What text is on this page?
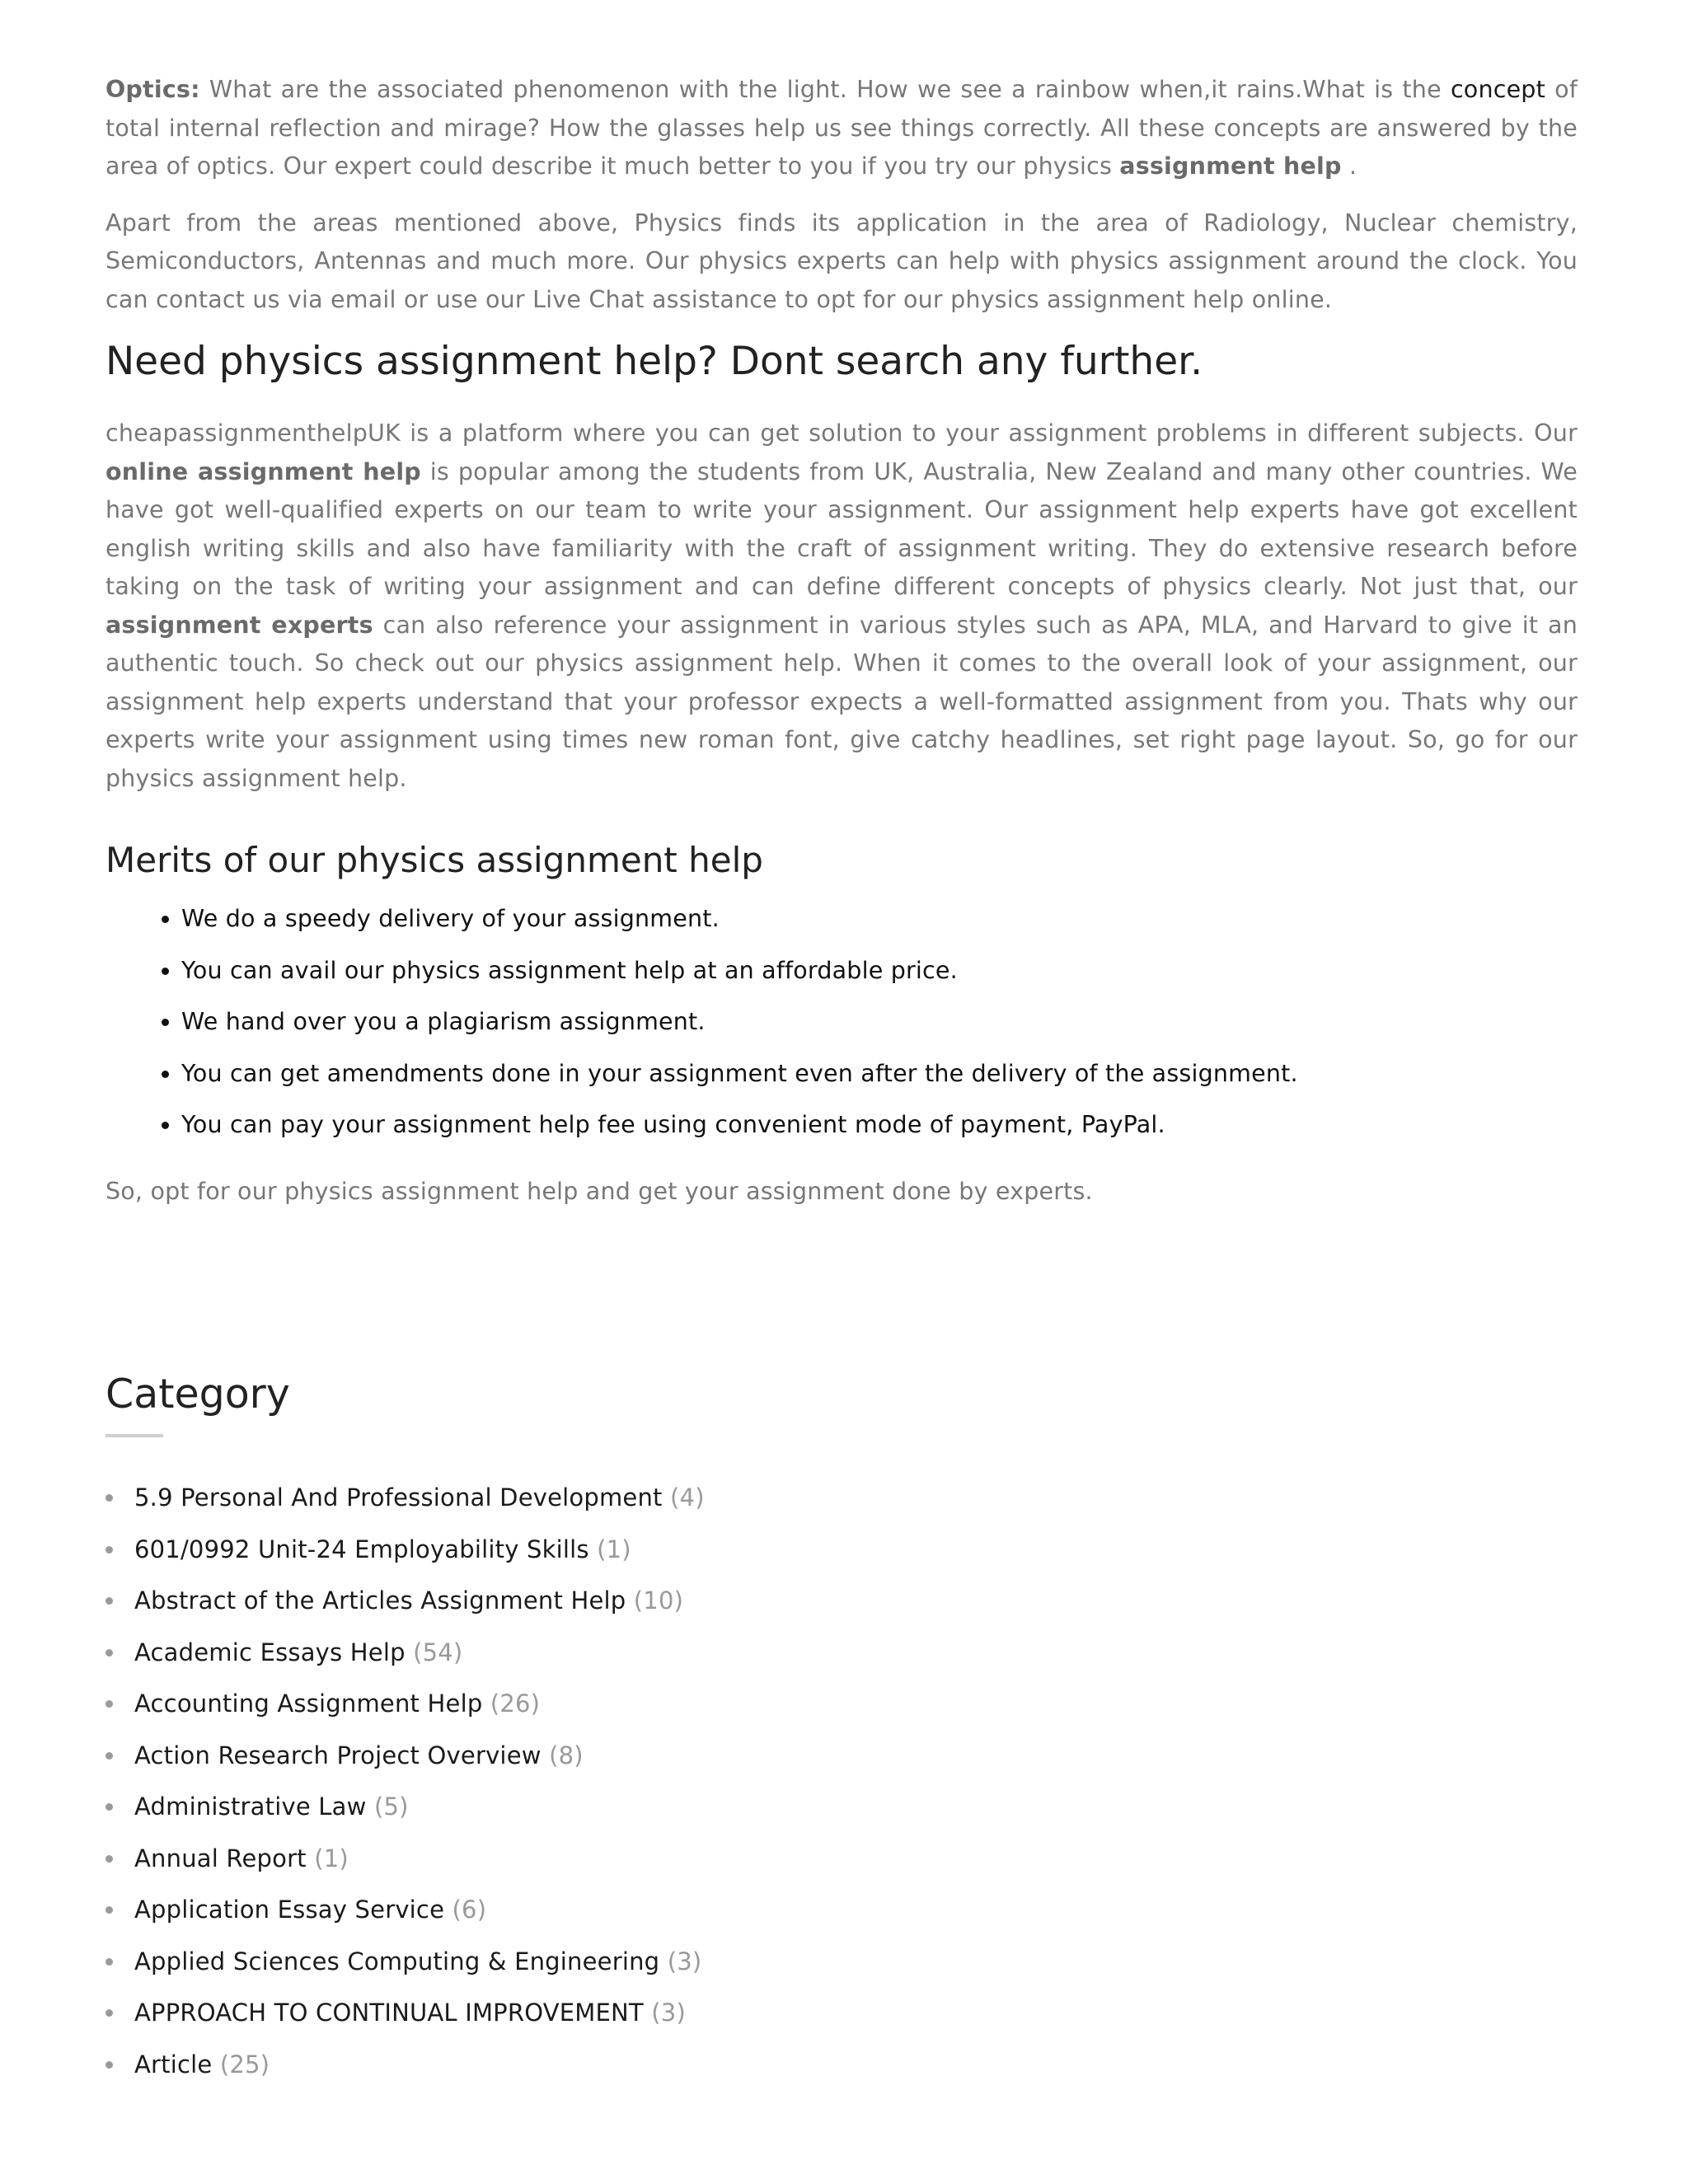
Optics: What are the associated phenomenon with the light. How we see a rainbow when,it rains.What is the concept of total internal reflection and mirage? How the glasses help us see things correctly. All these concepts are answered by the area of optics. Our expert could describe it much better to you if you try our physics assignment help .

Apart from the areas mentioned above, Physics finds its application in the area of Radiology, Nuclear chemistry, Semiconductors, Antennas and much more. Our physics experts can help with physics assignment around the clock. You can contact us via email or use our Live Chat assistance to opt for our physics assignment help online.

Need physics assignment help? Dont search any further.

cheapassignmenthelpUK is a platform where you can get solution to your assignment problems in different subjects. Our online assignment help is popular among the students from UK, Australia, New Zealand and many other countries. We have got well-qualified experts on our team to write your assignment. Our assignment help experts have got excellent english writing skills and also have familiarity with the craft of assignment writing. They do extensive research before taking on the task of writing your assignment and can define different concepts of physics clearly. Not just that, our assignment experts can also reference your assignment in various styles such as APA, MLA, and Harvard to give it an authentic touch. So check out our physics assignment help. When it comes to the overall look of your assignment, our assignment help experts understand that your professor expects a well-formatted assignment from you. Thats why our experts write your assignment using times new roman font, give catchy headlines, set right page layout. So, go for our physics assignment help.

Merits of our physics assignment help
• We do a speedy delivery of your assignment.
• You can avail our physics assignment help at an affordable price.
• We hand over you a plagiarism assignment.
• You can get amendments done in your assignment even after the delivery of the assignment.
• You can pay your assignment help fee using convenient mode of payment, PayPal.

So, opt for our physics assignment help and get your assignment done by experts.

Category
5.9 Personal And Professional Development (4)
601/0992 Unit-24 Employability Skills (1)
Abstract of the Articles Assignment Help (10)
Academic Essays Help (54)
Accounting Assignment Help (26)
Action Research Project Overview (8)
Administrative Law (5)
Annual Report (1)
Application Essay Service (6)
Applied Sciences Computing & Engineering (3)
APPROACH TO CONTINUAL IMPROVEMENT (3)
Article (25)
